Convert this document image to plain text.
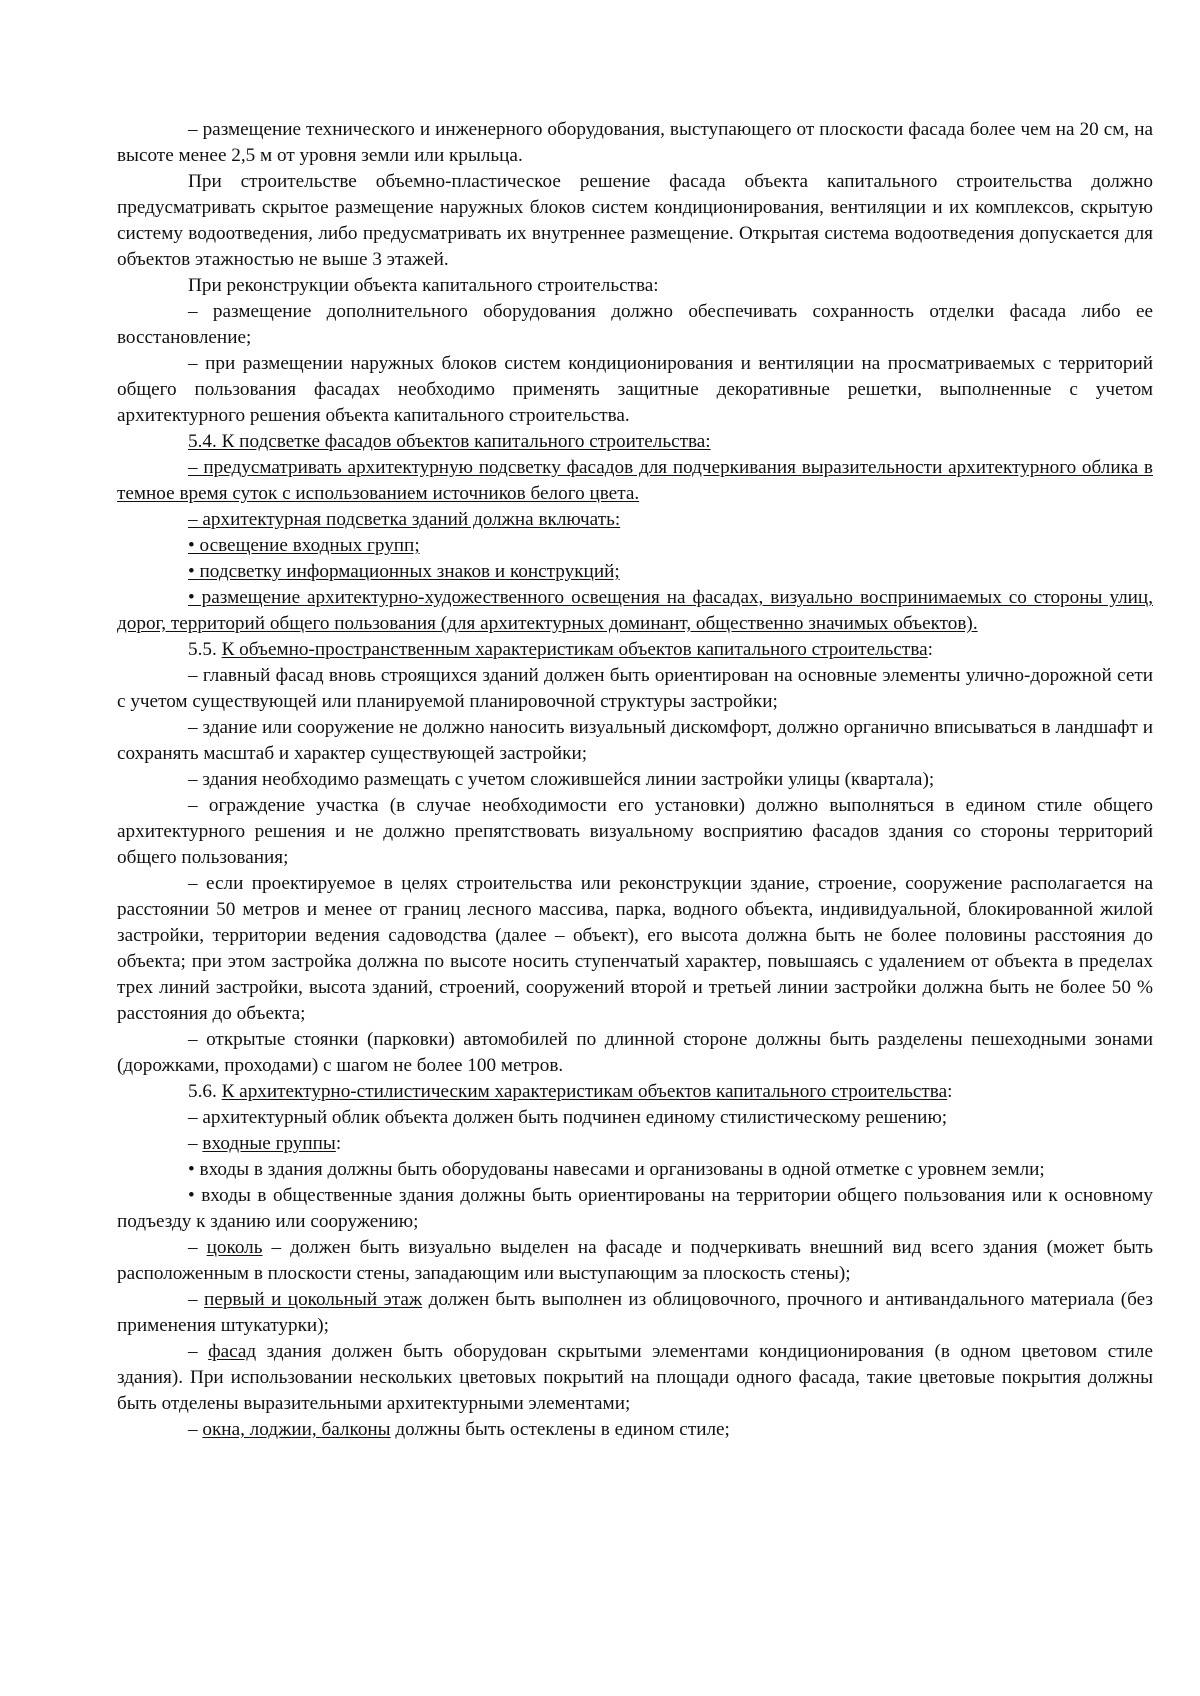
– размещение технического и инженерного оборудования, выступающего от плоскости фасада более чем на 20 см, на высоте менее 2,5 м от уровня земли или крыльца.

При строительстве объемно-пластическое решение фасада объекта капитального строительства должно предусматривать скрытое размещение наружных блоков систем кондиционирования, вентиляции и их комплексов, скрытую систему водоотведения, либо предусматривать их внутреннее размещение. Открытая система водоотведения допускается для объектов этажностью не выше 3 этажей.

При реконструкции объекта капитального строительства:

– размещение дополнительного оборудования должно обеспечивать сохранность отделки фасада либо ее восстановление;

– при размещении наружных блоков систем кондиционирования и вентиляции на просматриваемых с территорий общего пользования фасадах необходимо применять защитные декоративные решетки, выполненные с учетом архитектурного решения объекта капитального строительства.

5.4. К подсветке фасадов объектов капитального строительства:

– предусматривать архитектурную подсветку фасадов для подчеркивания выразительности архитектурного облика в темное время суток с использованием источников белого цвета.

– архитектурная подсветка зданий должна включать:

• освещение входных групп;

• подсветку информационных знаков и конструкций;

• размещение архитектурно-художественного освещения на фасадах, визуально воспринимаемых со стороны улиц, дорог, территорий общего пользования (для архитектурных доминант, общественно значимых объектов).

5.5. К объемно-пространственным характеристикам объектов капитального строительства:

– главный фасад вновь строящихся зданий должен быть ориентирован на основные элементы улично-дорожной сети с учетом существующей или планируемой планировочной структуры застройки;

– здание или сооружение не должно наносить визуальный дискомфорт, должно органично вписываться в ландшафт и сохранять масштаб и характер существующей застройки;

– здания необходимо размещать с учетом сложившейся линии застройки улицы (квартала);

– ограждение участка (в случае необходимости его установки) должно выполняться в едином стиле общего архитектурного решения и не должно препятствовать визуальному восприятию фасадов здания со стороны территорий общего пользования;

– если проектируемое в целях строительства или реконструкции здание, строение, сооружение располагается на расстоянии 50 метров и менее от границ лесного массива, парка, водного объекта, индивидуальной, блокированной жилой застройки, территории ведения садоводства (далее – объект), его высота должна быть не более половины расстояния до объекта; при этом застройка должна по высоте носить ступенчатый характер, повышаясь с удалением от объекта в пределах трех линий застройки, высота зданий, строений, сооружений второй и третьей линии застройки должна быть не более 50 % расстояния до объекта;

– открытые стоянки (парковки) автомобилей по длинной стороне должны быть разделены пешеходными зонами (дорожками, проходами) с шагом не более 100 метров.

5.6. К архитектурно-стилистическим характеристикам объектов капитального строительства:

– архитектурный облик объекта должен быть подчинен единому стилистическому решению;

– входные группы:

• входы в здания должны быть оборудованы навесами и организованы в одной отметке с уровнем земли;

• входы в общественные здания должны быть ориентированы на территории общего пользования или к основному подъезду к зданию или сооружению;

– цоколь – должен быть визуально выделен на фасаде и подчеркивать внешний вид всего здания (может быть расположенным в плоскости стены, западающим или выступающим за плоскость стены);

– первый и цокольный этаж должен быть выполнен из облицовочного, прочного и антивандального материала (без применения штукатурки);

– фасад здания должен быть оборудован скрытыми элементами кондиционирования (в одном цветовом стиле здания). При использовании нескольких цветовых покрытий на площади одного фасада, такие цветовые покрытия должны быть отделены выразительными архитектурными элементами;

– окна, лоджии, балконы должны быть остеклены в едином стиле;
